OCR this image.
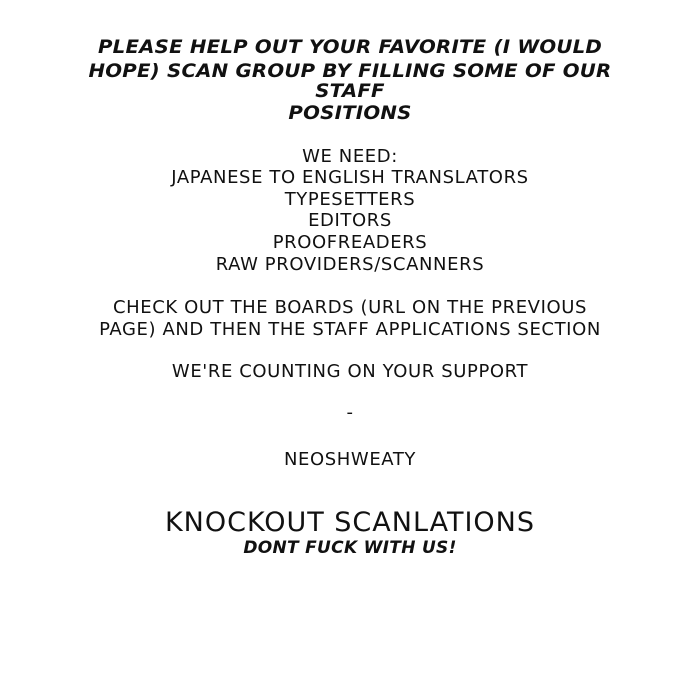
PLEASE HELP OUT YOUR FAVORITE (I WOULD
HOPE) SCAN GROUP BY FILLING SOME OF OUR
STAFF
POSITIONS
WE NEED:
JAPANESE TO ENGLISH TRANSLATORS
TYPESETTERS
EDITORS
PROOFREADERS
RAW PROVIDERS/SCANNERS
CHECK OUT THE BOARDS (URL ON THE PREVIOUS
PAGE) AND THEN THE STAFF APPLICATIONS SECTION
WE'RE COUNTING ON YOUR SUPPORT
-
NEOSHWEATY
KNOCKOUT SCANLATIONS
DONT FUCK WITH US!
